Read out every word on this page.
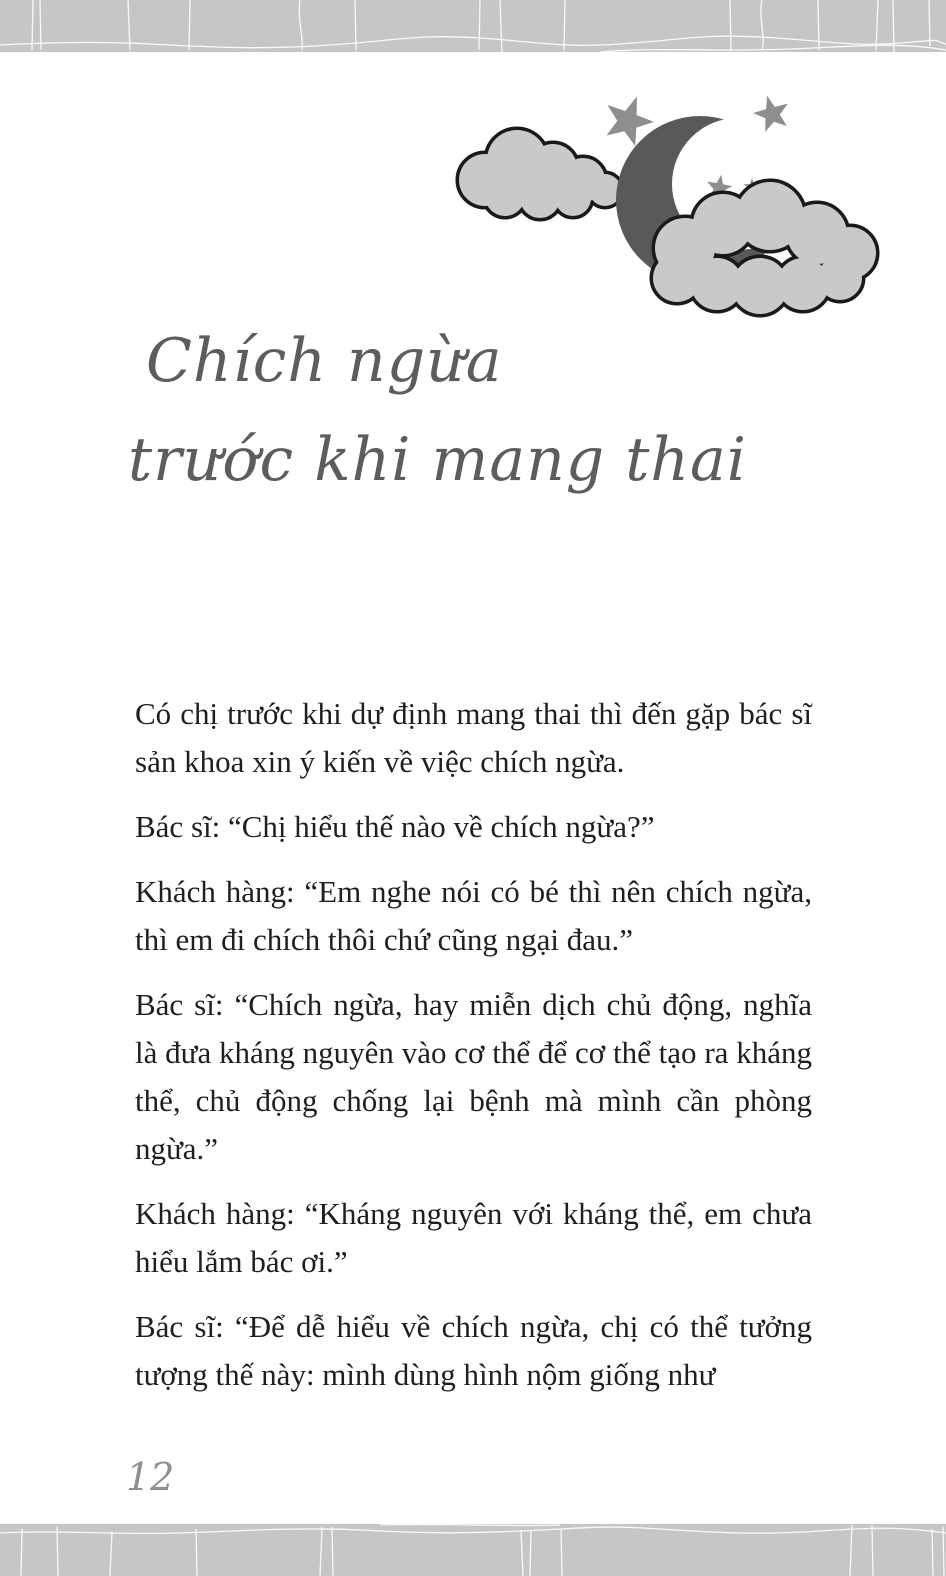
Chích ngừa
trước khi mang thai

Có chị trước khi dự định mang thai thì đến gặp bác sĩ sản khoa xin ý kiến về việc chích ngừa.

Bác sĩ: “Chị hiểu thế nào về chích ngừa?”

Khách hàng: “Em nghe nói có bé thì nên chích ngừa, thì em đi chích thôi chứ cũng ngại đau.”

Bác sĩ: “Chích ngừa, hay miễn dịch chủ động, nghĩa là đưa kháng nguyên vào cơ thể để cơ thể tạo ra kháng thể, chủ động chống lại bệnh mà mình cần phòng ngừa.”

Khách hàng: “Kháng nguyên với kháng thể, em chưa hiểu lắm bác ơi.”

Bác sĩ: “Để dễ hiểu về chích ngừa, chị có thể tưởng tượng thế này: mình dùng hình nộm giống như

12
